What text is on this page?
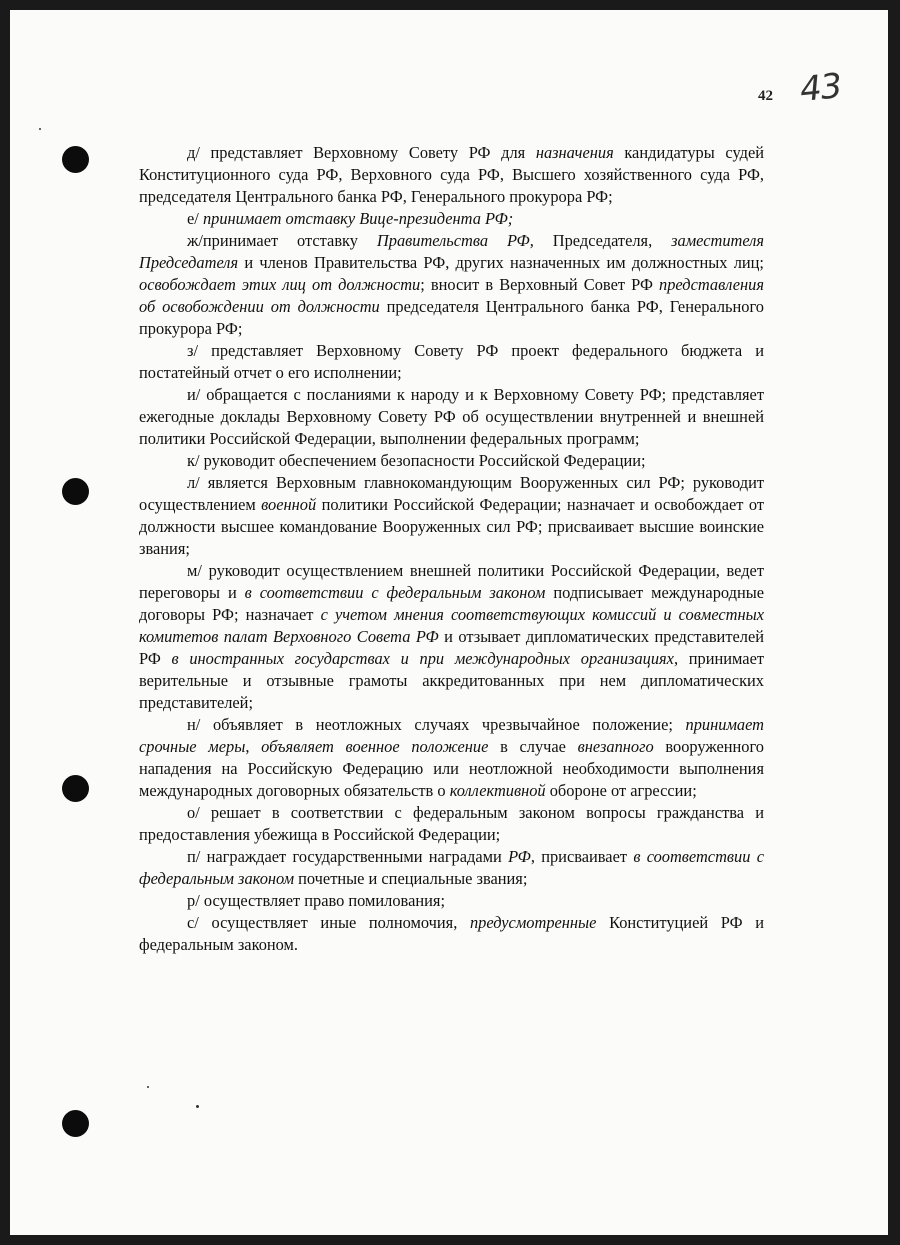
42 43

д/ представляет Верховному Совету РФ для назначения кандидатуры судей Конституционного суда РФ, Верховного суда РФ, Высшего хозяйственного суда РФ, председателя Центрального банка РФ, Генерального прокурора РФ;

е/ принимает отставку Вице-президента РФ;

ж/принимает отставку Правительства РФ, Председателя, заместителя Председателя и членов Правительства РФ, других назначенных им должностных лиц; освобождает этих лиц от должности; вносит в Верховный Совет РФ представления об освобождении от должности председателя Центрального банка РФ, Генерального прокурора РФ;

з/ представляет Верховному Совету РФ проект федерального бюджета и постатейный отчет о его исполнении;

и/ обращается с посланиями к народу и к Верховному Совету РФ; представляет ежегодные доклады Верховному Совету РФ об осуществлении внутренней и внешней политики Российской Федерации, выполнении федеральных программ;

к/ руководит обеспечением безопасности Российской Федерации;

л/ является Верховным главнокомандующим Вооруженных сил РФ; руководит осуществлением военной политики Российской Федерации; назначает и освобождает от должности высшее командование Вооруженных сил РФ; присваивает высшие воинские звания;

м/ руководит осуществлением внешней политики Российской Федерации, ведет переговоры и в соответствии с федеральным законом подписывает международные договоры РФ; назначает с учетом мнения соответствующих комиссий и совместных комитетов палат Верховного Совета РФ и отзывает дипломатических представителей РФ в иностранных государствах и при международных организациях, принимает верительные и отзывные грамоты аккредитованных при нем дипломатических представителей;

н/ объявляет в неотложных случаях чрезвычайное положение; принимает срочные меры, объявляет военное положение в случае внезапного вооруженного нападения на Российскую Федерацию или неотложной необходимости выполнения международных договорных обязательств о коллективной обороне от агрессии;

о/ решает в соответствии с федеральным законом вопросы гражданства и предоставления убежища в Российской Федерации;

п/ награждает государственными наградами РФ, присваивает в соответствии с федеральным законом почетные и специальные звания;

р/ осуществляет право помилования;

с/ осуществляет иные полномочия, предусмотренные Конституцией РФ и федеральным законом.
